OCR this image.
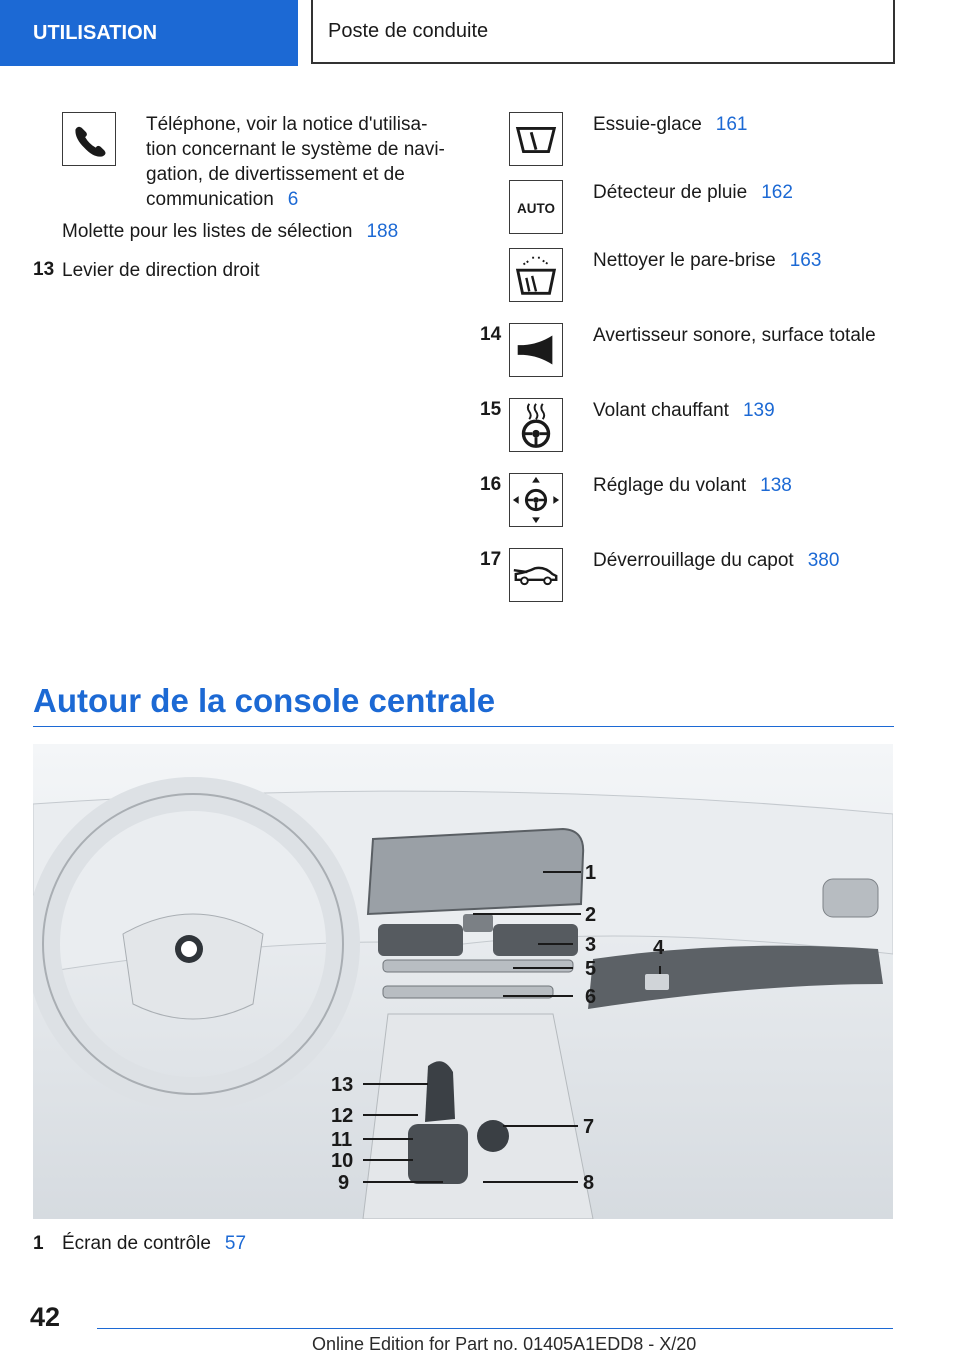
UTILISATION	Poste de conduite
Téléphone, voir la notice d'utilisa-
tion concernant le système de navi-
gation, de divertissement et de
communication 6
Molette pour les listes de sélection 188
13 Levier de direction droit
Essuie-glace 161
AUTO
Détecteur de pluie 162
Nettoyer le pare-brise 163
14	Avertisseur sonore, surface totale
15	Volant chauffant 139
16	Réglage du volant 138
17	Déverrouillage du capot 380
Autour de la console centrale
1
2
3	4
5
6
7
8
9
10
11
12
13
1 Écran de contrôle 57
42
Online Edition for Part no. 01405A1EDD8 - X/20
